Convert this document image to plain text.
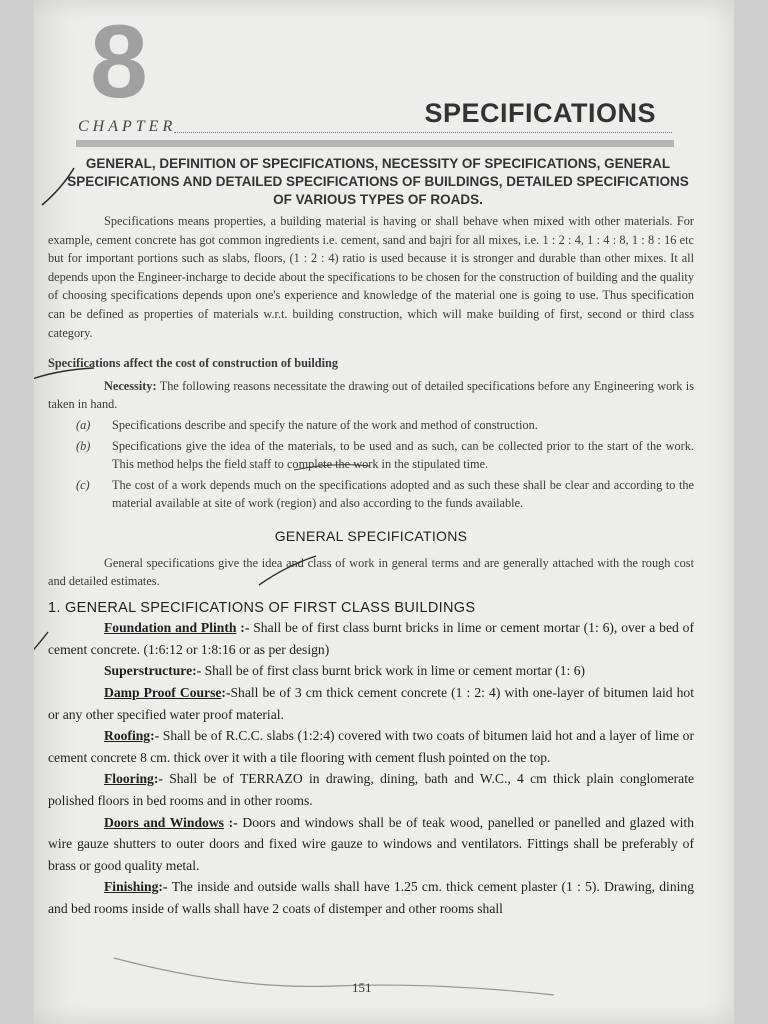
8
CHAPTER	SPECIFICATIONS
GENERAL, DEFINITION OF SPECIFICATIONS, NECESSITY OF SPECIFICATIONS, GENERAL SPECIFICATIONS AND DETAILED SPECIFICATIONS OF BUILDINGS, DETAILED SPECIFICATIONS OF VARIOUS TYPES OF ROADS.

Specifications means properties, a building material is having or shall behave when mixed with other materials. For example, cement concrete has got common ingredients i.e. cement, sand and bajri for all mixes, i.e. 1 : 2 : 4, 1 : 4 : 8, 1 : 8 : 16 etc but for important portions such as slabs, floors, (1 : 2 : 4) ratio is used because it is stronger and durable than other mixes. It all depends upon the Engineer-incharge to decide about the specifications to be chosen for the construction of building and the quality of choosing specifications depends upon one's experience and knowledge of the material one is going to use. Thus specification can be defined as properties of materials w.r.t. building construction, which will make building of first, second or third class category.

Specifications affect the cost of construction of building

Necessity: The following reasons necessitate the drawing out of detailed specifications before any Engineering work is taken in hand.

(a)	Specifications describe and specify the nature of the work and method of construction.

(b)	Specifications give the idea of the materials, to be used and as such, can be collected prior to the start of the work. This method helps the field staff to complete the work in the stipulated time.

(c)	The cost of a work depends much on the specifications adopted and as such these shall be clear and according to the material available at site of work (region) and also according to the funds available.

GENERAL SPECIFICATIONS

General specifications give the idea and class of work in general terms and are generally attached with the rough cost and detailed estimates.

1. GENERAL SPECIFICATIONS OF FIRST CLASS BUILDINGS

Foundation and Plinth :- Shall be of first class burnt bricks in lime or cement mortar (1: 6), over a bed of cement concrete. (1:6:12 or 1:8:16 or as per design)

Superstructure:- Shall be of first class burnt brick work in lime or cement mortar (1: 6)

Damp Proof Course:-Shall be of 3 cm thick cement concrete (1 : 2: 4) with one-layer of bitumen laid hot or any other specified water proof material.

Roofing:- Shall be of R.C.C. slabs (1:2:4) covered with two coats of bitumen laid hot and a layer of lime or cement concrete 8 cm. thick over it with a tile flooring with cement flush pointed on the top.

Flooring:- Shall be of TERRAZO in drawing, dining, bath and W.C., 4 cm thick plain conglomerate polished floors in bed rooms and in other rooms.

Doors and Windows :- Doors and windows shall be of teak wood, panelled or panelled and glazed with wire gauze shutters to outer doors and fixed wire gauze to windows and ventilators. Fittings shall be preferably of brass or good quality metal.

Finishing:- The inside and outside walls shall have 1.25 cm. thick cement plaster (1 : 5). Drawing, dining and bed rooms inside of walls shall have 2 coats of distemper and other rooms shall

151
